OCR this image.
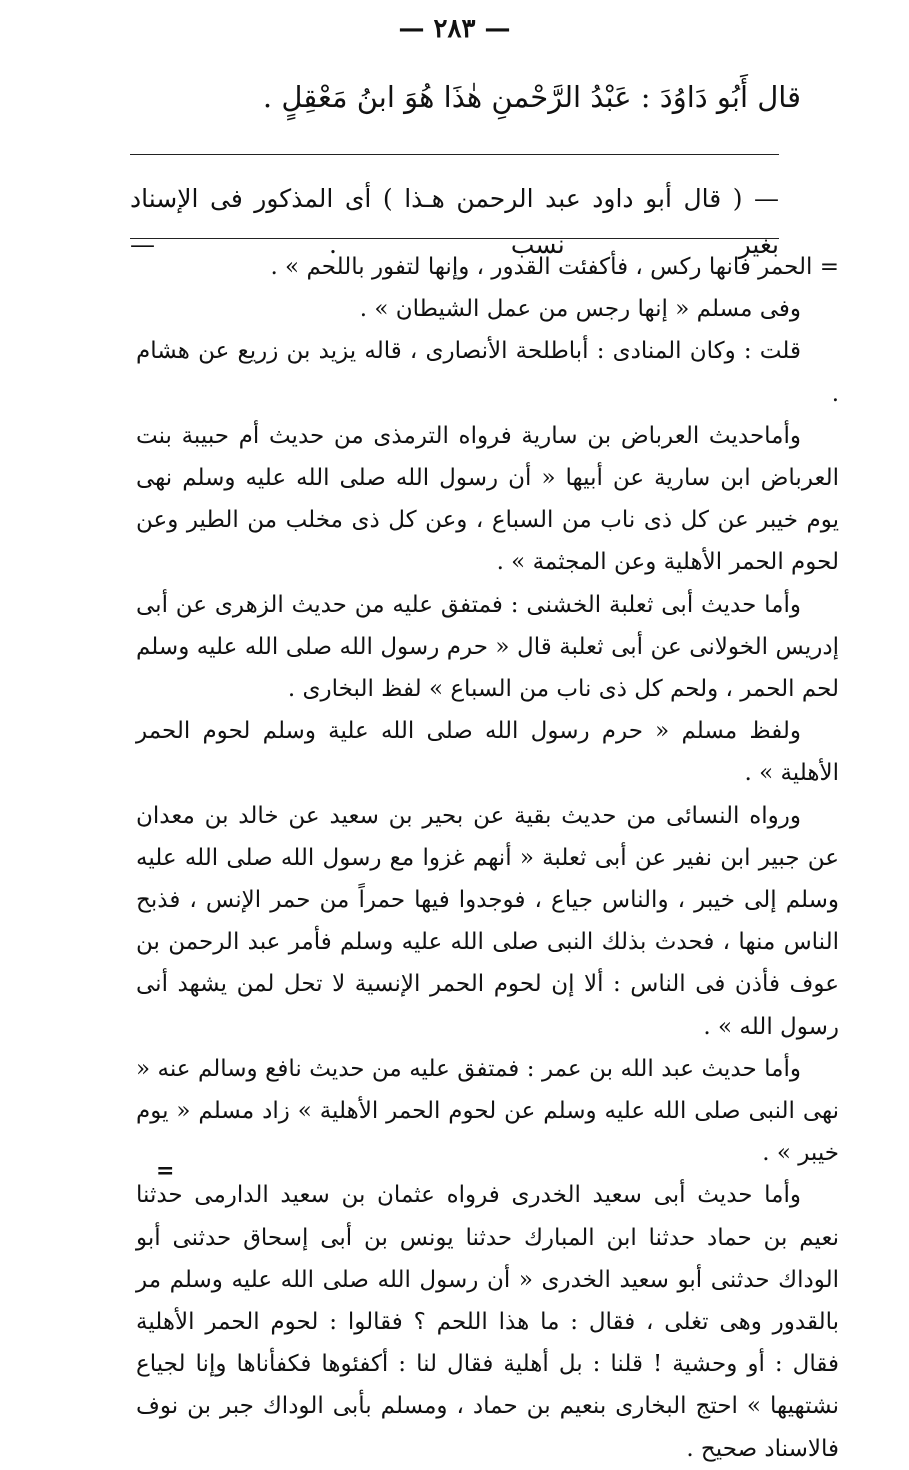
— ٢٨٣ —
قال أَبُو دَاوُدَ : عَبْدُ الرَّحْمنِ هٰذَا هُوَ ابنُ مَعْقِلٍ .
— ( قال أبو داود عبد الرحمن هـذا ) أى المذكور فى الإسناد بغير نسب . —

= الحمر فانها ركس ، فأكفئت القدور ، وإنها لتفور باللحم » .

وفى مسلم « إنها رجس من عمل الشيطان » .

قلت : وكان المنادى : أباطلحة الأنصارى ، قاله يزيد بن زريع عن هشام .

وأماحديث العرباض بن سارية فرواه الترمذى من حديث أم حبيبة بنت العرباض ابن سارية عن أبيها « أن رسول الله صلى الله عليه وسلم نهى يوم خيبر عن كل ذى ناب من السباع ، وعن كل ذى مخلب من الطير وعن لحوم الحمر الأهلية وعن المجثمة » .

وأما حديث أبى ثعلبة الخشنى : فمتفق عليه من حديث الزهرى عن أبى إدريس الخولانى عن أبى ثعلبة قال « حرم رسول الله صلى الله عليه وسلم لحم الحمر ، ولحم كل ذى ناب من السباع » لفظ البخارى .

ولفظ مسلم « حرم رسول الله صلى الله علية وسلم لحوم الحمر الأهلية » .

ورواه النسائى من حديث بقية عن بحير بن سعيد عن خالد بن معدان عن جبير ابن نفير عن أبى ثعلبة « أنهم غزوا مع رسول الله صلى الله عليه وسلم إلى خيبر ، والناس جياع ، فوجدوا فيها حمراً من حمر الإنس ، فذبح الناس منها ، فحدث بذلك النبى صلى الله عليه وسلم فأمر عبد الرحمن بن عوف فأذن فى الناس : ألا إن لحوم الحمر الإنسية لا تحل لمن يشهد أنى رسول الله » .

وأما حديث عبد الله بن عمر : فمتفق عليه من حديث نافع وسالم عنه « نهى النبى صلى الله عليه وسلم عن لحوم الحمر الأهلية » زاد مسلم « يوم خيبر » .

وأما حديث أبى سعيد الخدرى فرواه عثمان بن سعيد الدارمى حدثنا نعيم بن حماد حدثنا ابن المبارك حدثنا يونس بن أبى إسحاق حدثنى أبو الوداك حدثنى أبو سعيد الخدرى « أن رسول الله صلى الله عليه وسلم مر بالقدور وهى تغلى ، فقال : ما هذا اللحم ؟ فقالوا : لحوم الحمر الأهلية فقال : أو وحشية ! قلنا : بل أهلية فقال لنا : أكفئوها فكفأناها وإنا لجياع نشتهيها » احتج البخارى بنعيم بن حماد ، ومسلم بأبى الوداك جبر بن نوف فالاسناد صحيح .

=
